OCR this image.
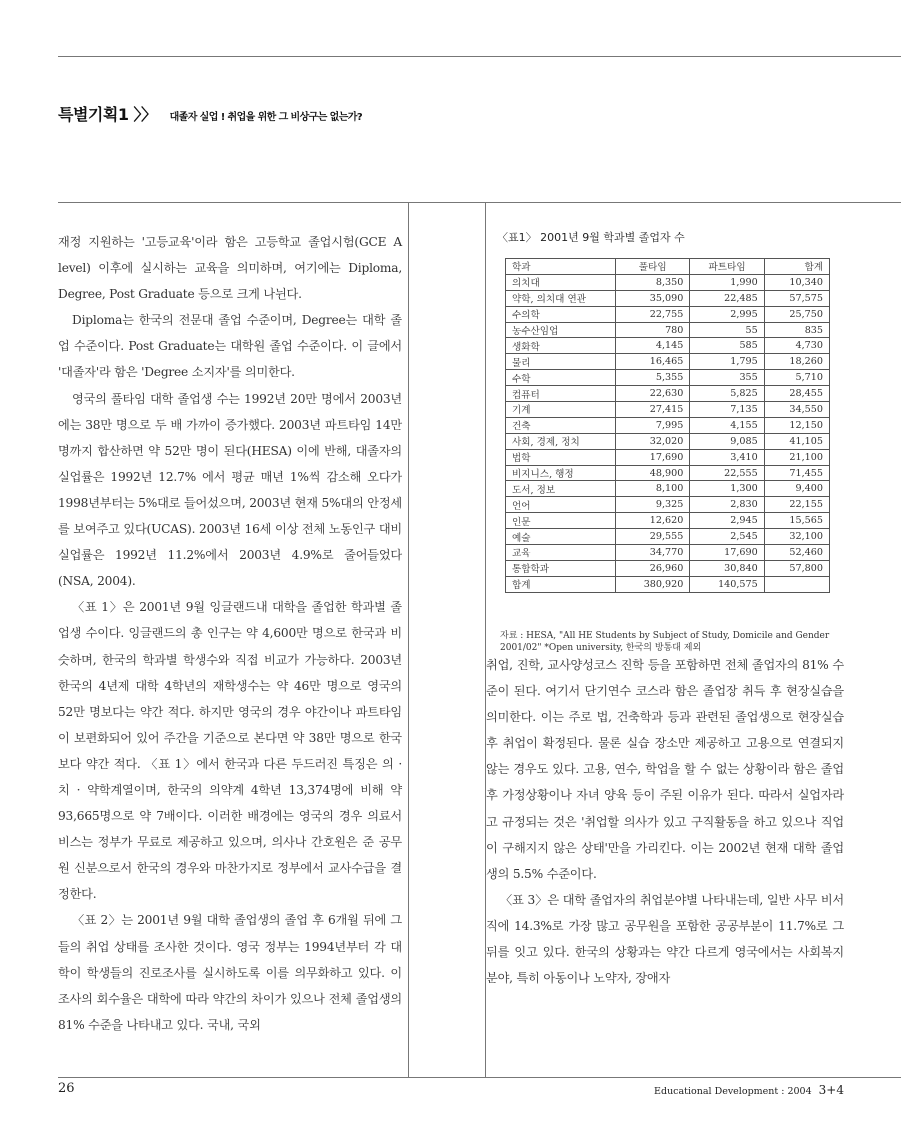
특별기획1 〉〉 대졸자 실업 ! 취업을 위한 그 비상구는 없는가?

재정 지원하는 '고등교육'이라 함은 고등학교 졸업시험(GCE A level) 이후에 실시하는 교육을 의미하며, 여기에는 Diploma, Degree, Post Graduate 등으로 크게 나뉜다.

Diploma는 한국의 전문대 졸업 수준이며, Degree는 대학 졸업 수준이다. Post Graduate는 대학원 졸업 수준이다. 이 글에서 '대졸자'라 함은 'Degree 소지자'를 의미한다.

영국의 풀타임 대학 졸업생 수는 1992년 20만 명에서 2003년에는 38만 명으로 두 배 가까이 증가했다. 2003년 파트타임 14만 명까지 합산하면 약 52만 명이 된다(HESA) 이에 반해, 대졸자의 실업률은 1992년 12.7% 에서 평균 매년 1%씩 감소해 오다가 1998년부터는 5%대로 들어섰으며, 2003년 현재 5%대의 안정세를 보여주고 있다(UCAS). 2003년 16세 이상 전체 노동인구 대비 실업률은 1992년 11.2%에서 2003년 4.9%로 줄어들었다(NSA, 2004).

〈표 1〉은 2001년 9월 잉글랜드내 대학을 졸업한 학과별 졸업생 수이다. 잉글랜드의 총 인구는 약 4,600만 명으로 한국과 비슷하며, 한국의 학과별 학생수와 직접 비교가 가능하다. 2003년 한국의 4년제 대학 4학년의 재학생수는 약 46만 명으로 영국의 52만 명보다는 약간 적다. 하지만 영국의 경우 야간이나 파트타임이 보편화되어 있어 주간을 기준으로 본다면 약 38만 명으로 한국보다 약간 적다. 〈표 1〉에서 한국과 다른 두드러진 특징은 의 · 치 · 약학계열이며, 한국의 의약계 4학년 13,374명에 비해 약 93,665명으로 약 7배이다. 이러한 배경에는 영국의 경우 의료서비스는 정부가 무료로 제공하고 있으며, 의사나 간호원은 준 공무원 신분으로서 한국의 경우와 마찬가지로 정부에서 교사수급을 결정한다.

〈표 2〉는 2001년 9월 대학 졸업생의 졸업 후 6개월 뒤에 그들의 취업 상태를 조사한 것이다. 영국 정부는 1994년부터 각 대학이 학생들의 진로조사를 실시하도록 이를 의무화하고 있다. 이 조사의 회수율은 대학에 따라 약간의 차이가 있으나 전체 졸업생의 81% 수준을 나타내고 있다. 국내, 국외

〈표1〉 2001년 9월 학과별 졸업자 수
학과	풀타임	파트타임	합계
의치대	8,350	1,990	10,340
약학, 의치대 연관	35,090	22,485	57,575
수의학	22,755	2,995	25,750
농수산임업	780	55	835
생화학	4,145	585	4,730
물리	16,465	1,795	18,260
수학	5,355	355	5,710
컴퓨터	22,630	5,825	28,455
기계	27,415	7,135	34,550
건축	7,995	4,155	12,150
사회, 경제, 정치	32,020	9,085	41,105
법학	17,690	3,410	21,100
비지니스, 행정	48,900	22,555	71,455
도서, 정보	8,100	1,300	9,400
언어	9,325	2,830	22,155
인문	12,620	2,945	15,565
예술	29,555	2,545	32,100
교육	34,770	17,690	52,460
통합학과	26,960	30,840	57,800
합계	380,920	140,575	
자료 : HESA, "All HE Students by Subject of Study, Domicile and Gender 2001/02" *Open university, 한국의 방통대 제외

취업, 진학, 교사양성코스 진학 등을 포함하면 전체 졸업자의 81% 수준이 된다. 여기서 단기연수 코스라 함은 졸업장 취득 후 현장실습을 의미한다. 이는 주로 법, 건축학과 등과 관련된 졸업생으로 현장실습 후 취업이 확정된다. 물론 실습 장소만 제공하고 고용으로 연결되지 않는 경우도 있다. 고용, 연수, 학업을 할 수 없는 상황이라 함은 졸업 후 가정상황이나 자녀 양육 등이 주된 이유가 된다. 따라서 실업자라고 규정되는 것은 '취업할 의사가 있고 구직활동을 하고 있으나 직업이 구해지지 않은 상태'만을 가리킨다. 이는 2002년 현재 대학 졸업생의 5.5% 수준이다.

〈표 3〉은 대학 졸업자의 취업분야별 나타내는데, 일반 사무 비서직에 14.3%로 가장 많고 공무원을 포함한 공공부분이 11.7%로 그 뒤를 잇고 있다. 한국의 상황과는 약간 다르게 영국에서는 사회복지 분야, 특히 아동이나 노약자, 장애자

26	Educational Development : 2004 3+4
